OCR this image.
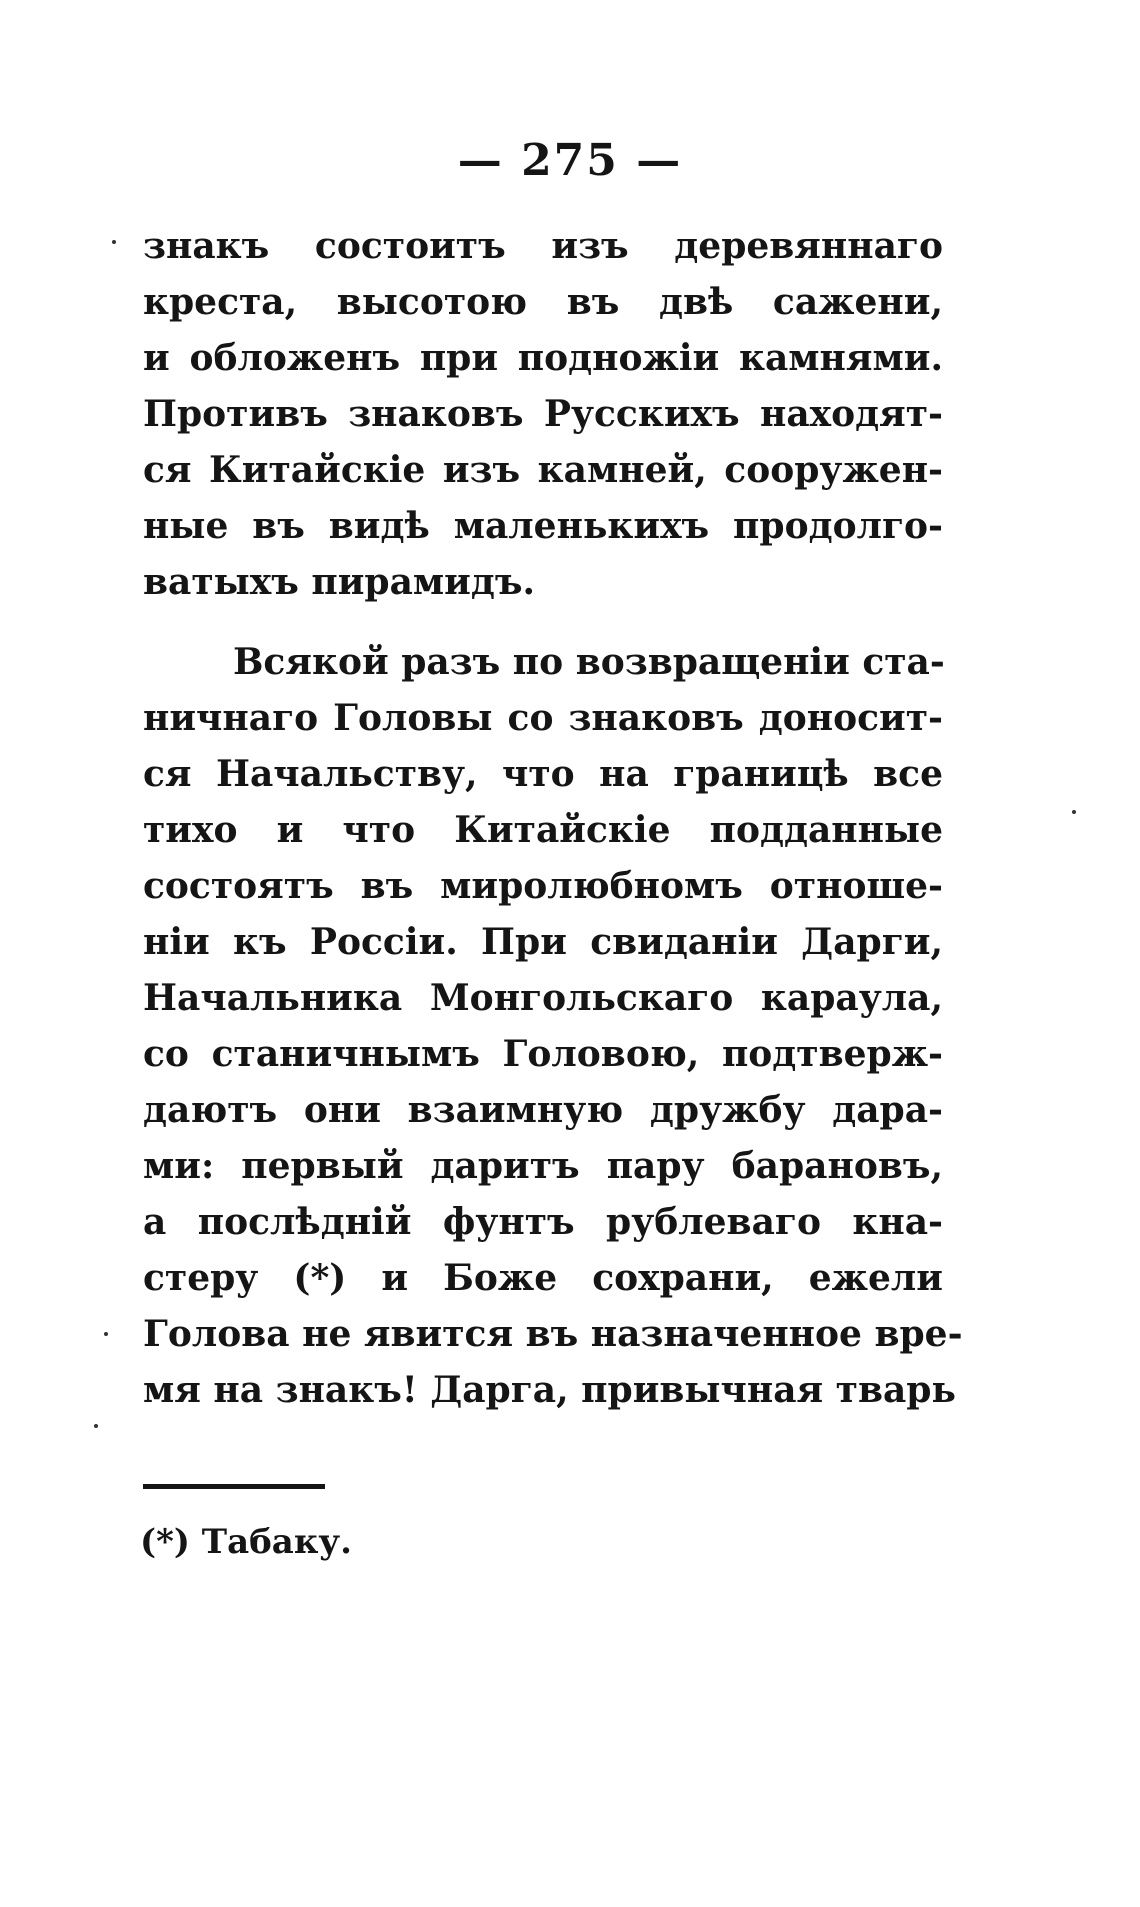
— 275 —
знакъ состоитъ изъ деревяннаго
креста, высотою въ двѣ сажени,
и обложенъ при подножіи камнями.
Противъ знаковъ Русскихъ находят-
ся Китайскіе изъ камней, сооружен-
ные въ видѣ маленькихъ продолго-
ватыхъ пирамидъ.
Всякой разъ по возвращеніи ста-
ничнаго Головы со знаковъ доносит-
ся Начальству, что на границѣ все
тихо и что Китайскіе подданные
состоятъ въ миролюбномъ отноше-
ніи къ Россіи. При свиданіи Дарги,
Начальника Монгольскаго караула,
со станичнымъ Головою, подтверж-
даютъ они взаимную дружбу дара-
ми: первый даритъ пару барановъ,
а послѣдній фунтъ рублеваго кна-
стеру (*) и Боже сохрани, ежели
Голова не явится въ назначенное вре-
мя на знакъ! Дарга, привычная тварь
(*) Табаку.
